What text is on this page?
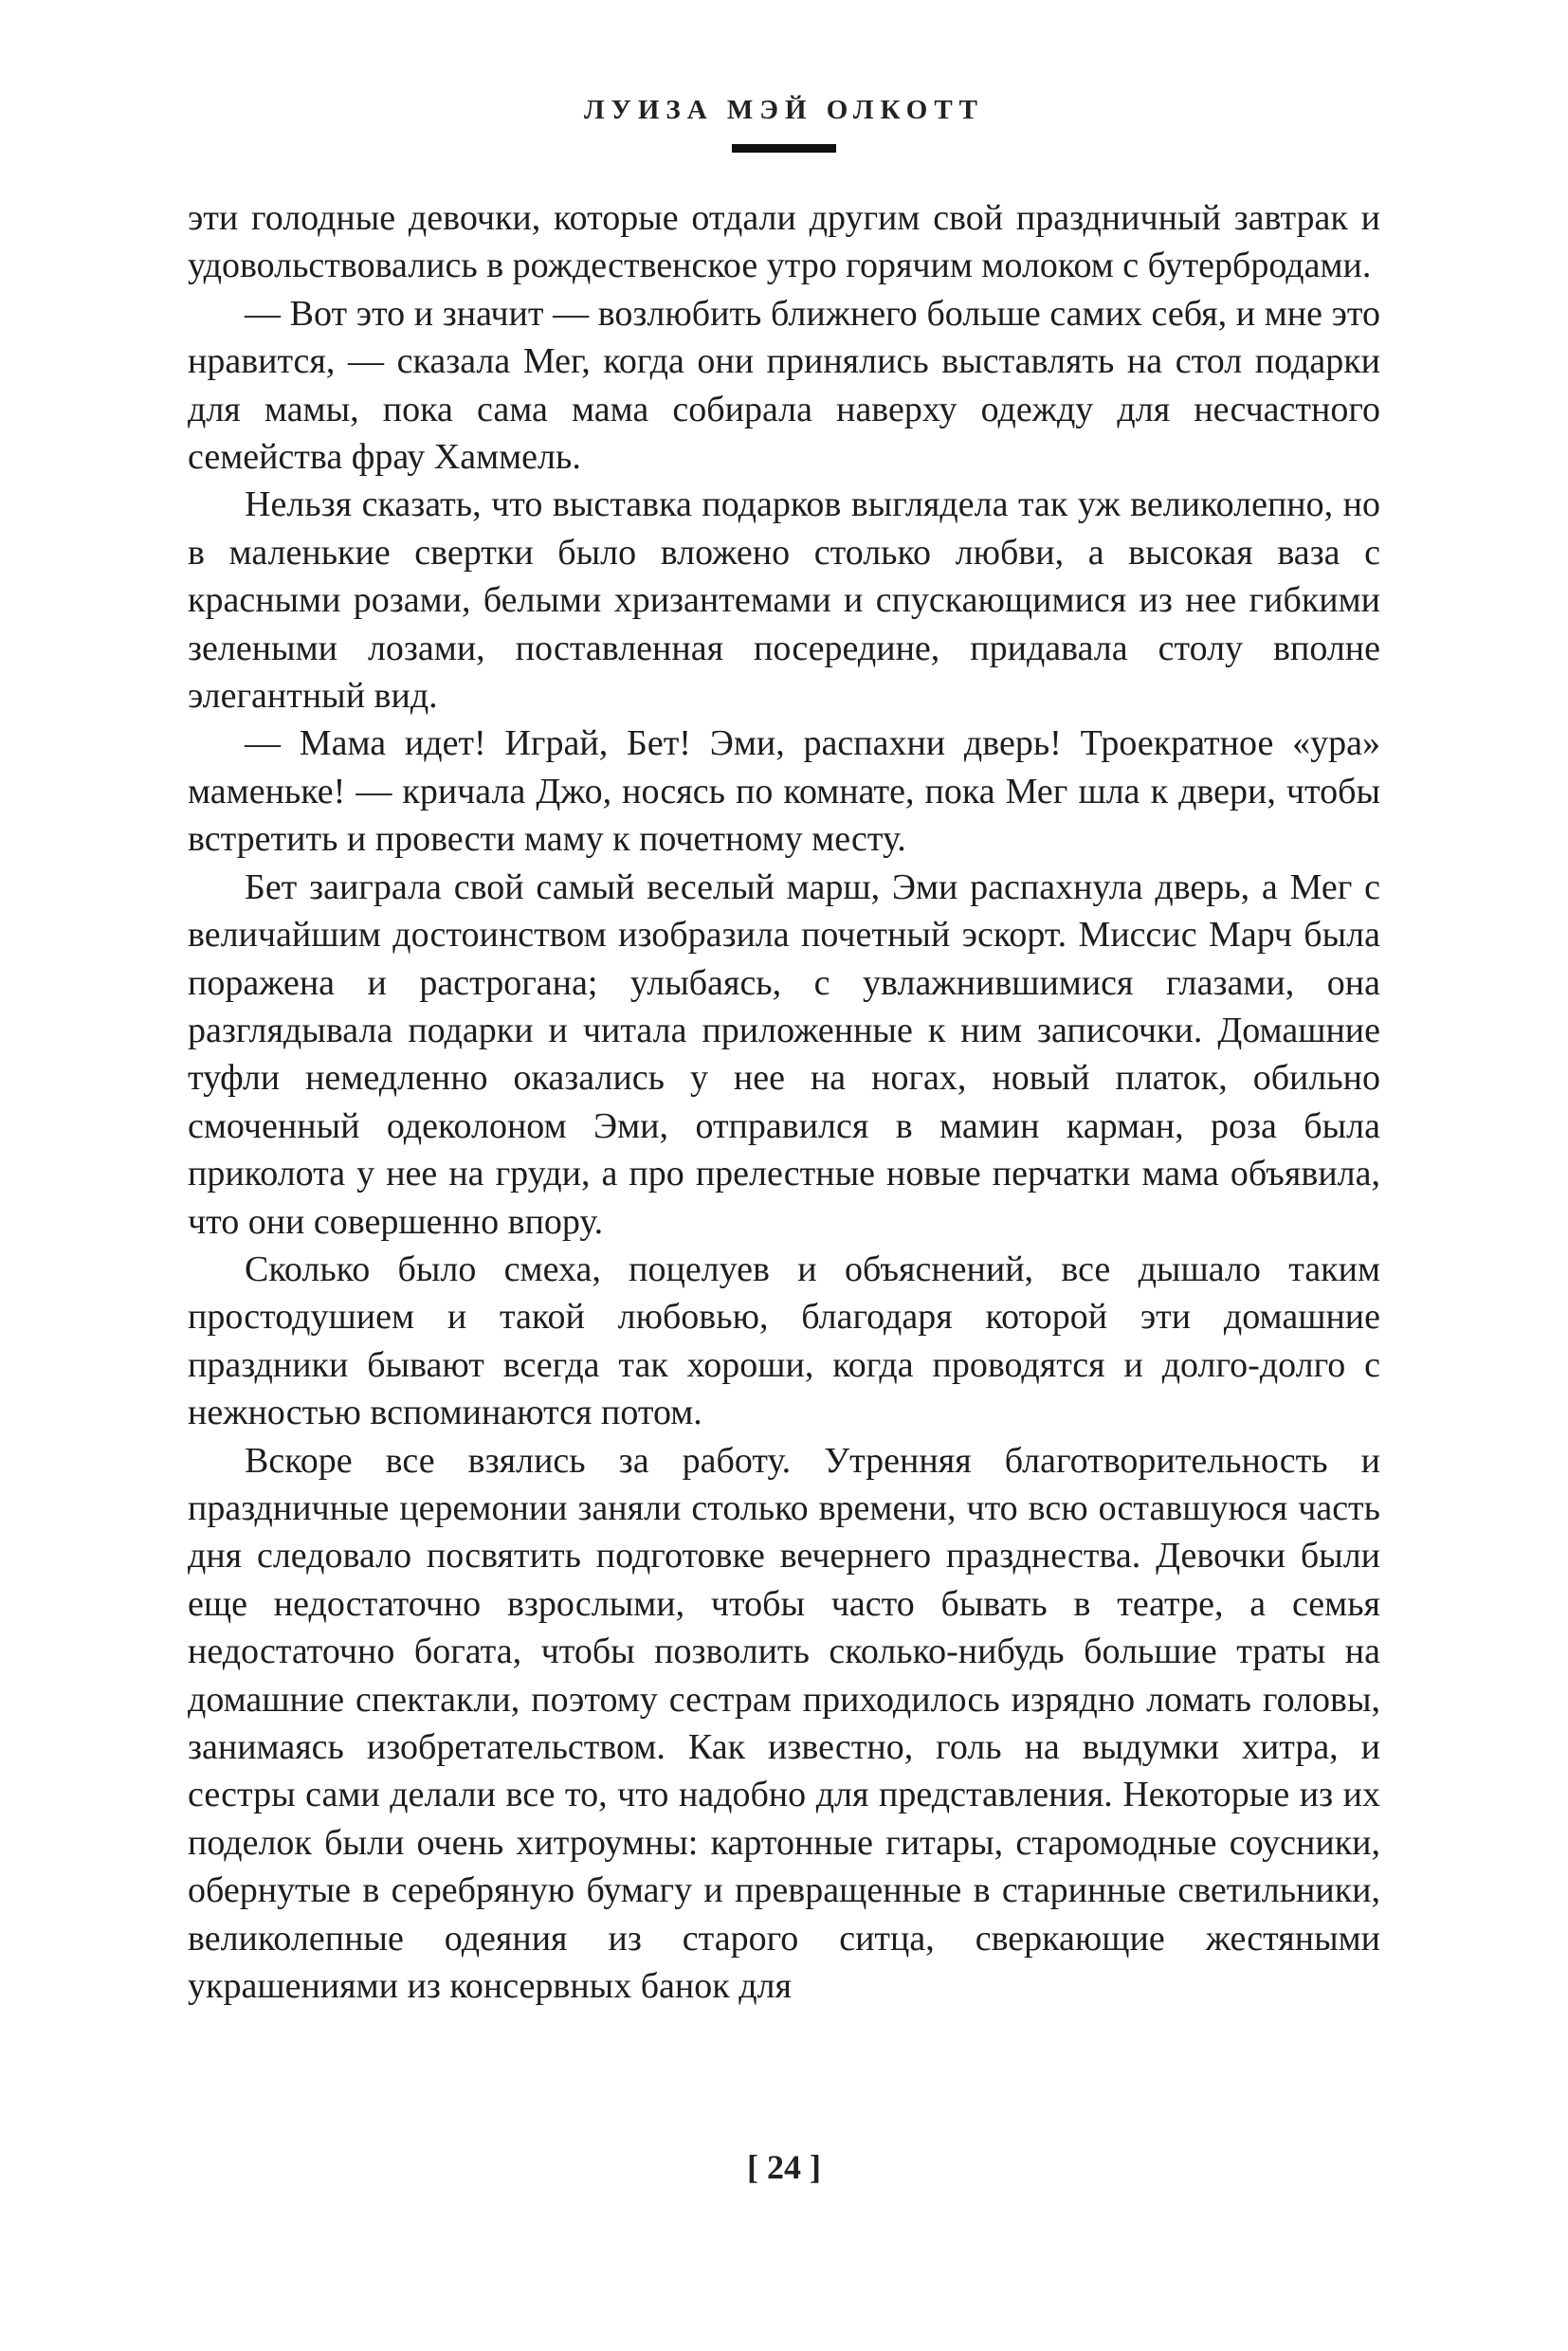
ЛУИЗА МЭЙ ОЛКОТТ

эти голодные девочки, которые отдали другим свой праздничный завтрак и удовольствовались в рождественское утро горячим молоком с бутербродами.

— Вот это и значит — возлюбить ближнего больше самих себя, и мне это нравится, — сказала Мег, когда они принялись выставлять на стол подарки для мамы, пока сама мама собирала наверху одежду для несчастного семейства фрау Хаммель.

Нельзя сказать, что выставка подарков выглядела так уж великолепно, но в маленькие свертки было вложено столько любви, а высокая ваза с красными розами, белыми хризантемами и спускающимися из нее гибкими зелеными лозами, поставленная посередине, придавала столу вполне элегантный вид.

— Мама идет! Играй, Бет! Эми, распахни дверь! Троекратное «ура» маменьке! — кричала Джо, носясь по комнате, пока Мег шла к двери, чтобы встретить и провести маму к почетному месту.

Бет заиграла свой самый веселый марш, Эми распахнула дверь, а Мег с величайшим достоинством изобразила почетный эскорт. Миссис Марч была поражена и растрогана; улыбаясь, с увлажнившимися глазами, она разглядывала подарки и читала приложенные к ним записочки. Домашние туфли немедленно оказались у нее на ногах, новый платок, обильно смоченный одеколоном Эми, отправился в мамин карман, роза была приколота у нее на груди, а про прелестные новые перчатки мама объявила, что они совершенно впору.

Сколько было смеха, поцелуев и объяснений, все дышало таким простодушием и такой любовью, благодаря которой эти домашние праздники бывают всегда так хороши, когда проводятся и долго-долго с нежностью вспоминаются потом.

Вскоре все взялись за работу. Утренняя благотворительность и праздничные церемонии заняли столько времени, что всю оставшуюся часть дня следовало посвятить подготовке вечернего празднества. Девочки были еще недостаточно взрослыми, чтобы часто бывать в театре, а семья недостаточно богата, чтобы позволить сколько-нибудь большие траты на домашние спектакли, поэтому сестрам приходилось изрядно ломать головы, занимаясь изобретательством. Как известно, голь на выдумки хитра, и сестры сами делали все то, что надобно для представления. Некоторые из их поделок были очень хитроумны: картонные гитары, старомодные соусники, обернутые в серебряную бумагу и превращенные в старинные светильники, великолепные одеяния из старого ситца, сверкающие жестяными украшениями из консервных банок для

[ 24 ]
